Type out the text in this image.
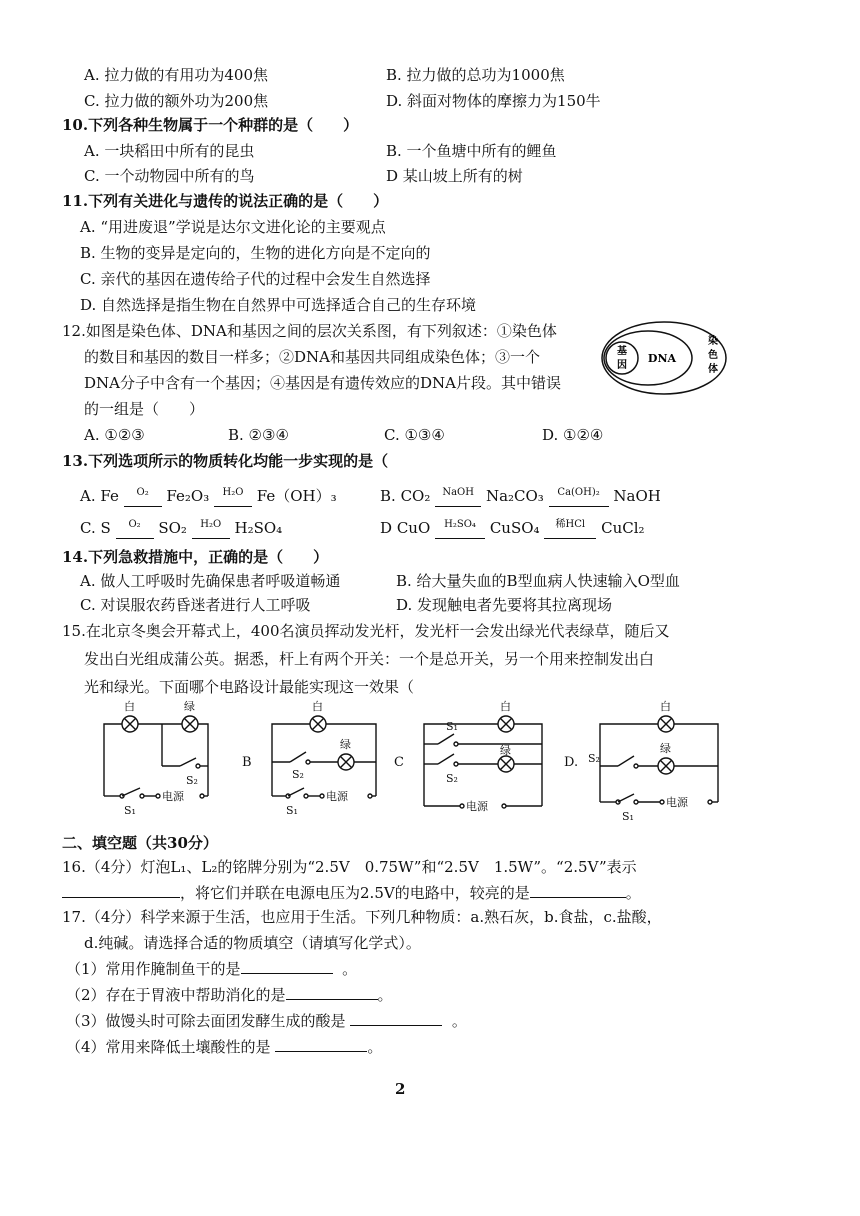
A. 拉力做的有用功为400焦	B. 拉力做的总功为1000焦
C. 拉力做的额外功为200焦	D. 斜面对物体的摩擦力为150牛
10.下列各种生物属于一个种群的是（　　）
A. 一块稻田中所有的昆虫	B. 一个鱼塘中所有的鲤鱼
C. 一个动物园中所有的鸟	D 某山坡上所有的树
11.下列有关进化与遗传的说法正确的是（　　）
A. “用进废退”学说是达尔文进化论的主要观点
B. 生物的变异是定向的，生物的进化方向是不定向的
C. 亲代的基因在遗传给子代的过程中会发生自然选择
D. 自然选择是指生物在自然界中可选择适合自己的生存环境
12.如图是染色体、DNA和基因之间的层次关系图，有下列叙述：①染色体
的数目和基因的数目一样多；②DNA和基因共同组成染色体；③一个
DNA分子中含有一个基因；④基因是有遗传效应的DNA片段。其中错误
的一组是（　　）
A. ①②③	B. ②③④	C. ①③④	D. ①②④
基
因
DNA
染
色
体
13.下列选项所示的物质转化均能一步实现的是（
A. Fe O₂ Fe₂O₃ H₂O Fe（OH）₃	B. CO₂ NaOH Na₂CO₃ Ca(OH)₂ NaOH
C. S O₂ SO₂ H₂O H₂SO₄	D CuO H₂SO₄ CuSO₄ 稀HCl CuCl₂
14.下列急救措施中，正确的是（　　）
A. 做人工呼吸时先确保患者呼吸道畅通	B. 给大量失血的B型血病人快速输入O型血
C. 对误服农药昏迷者进行人工呼吸	D. 发现触电者先要将其拉离现场
15.在北京冬奥会开幕式上，400名演员挥动发光杆，发光杆一会发出绿光代表绿草，随后又
发出白光组成蒲公英。据悉，杆上有两个开关：一个是总开关，另一个用来控制发出白
光和绿光。下面哪个电路设计最能实现这一效果（
白	绿
S₂
S₁
电源
B
白
绿
S₂
S₁
电源
C
白
绿
S₁
S₂
电源
D.
白
绿
S₂
S₁
电源
二、填空题（共30分）
16.（4分）灯泡L₁、L₂的铭牌分别为“2.5V　0.75W”和“2.5V　1.5W”。“2.5V”表示
，将它们并联在电源电压为2.5V的电路中，较亮的是	。
17.（4分）科学来源于生活，也应用于生活。下列几种物质：a.熟石灰，b.食盐，c.盐酸，
d.纯碱。请选择合适的物质填空（请填写化学式）。
（1）常用作腌制鱼干的是	。
（2）存在于胃液中帮助消化的是	。
（3）做馒头时可除去面团发酵生成的酸是	。
（4）常用来降低土壤酸性的是	。
2
